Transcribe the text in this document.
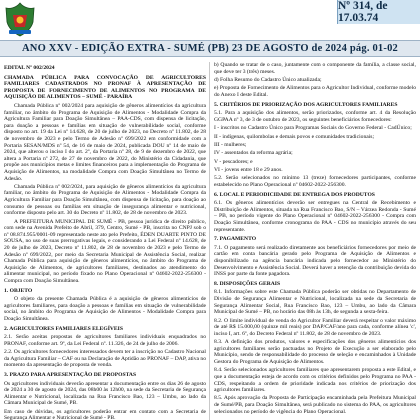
Nº 314, de 17.03.74
ANO XXV - EDIÇÃO EXTRA - SUMÉ (PB) 23 DE AGOSTO de 2024 pág. 01-02

EDITAL Nº 002/2024

CHAMADA PÚBLICA PARA CONVOCAÇÃO DE AGRICULTORES FAMILIARES CADASTRADOS NO PRONAF À APRESENTAÇÃO DE PROPOSTA DE FORNECIMENTO DE ALIMENTOS NO PROGRAMA DE AQUISIÇÃO DE ALIMENTOS – SUMÉ - PARAÍBA

Chamada Pública nº 002/2024 para aquisição de gêneros alimentícios da agricultura familiar, no âmbito do Programa de Aquisição de Alimentos - Modalidade Compra da Agricultura Familiar para Doação Simultânea – PAA-CDS, com dispensa de licitação, para doação a pessoas e famílias em situação de vulnerabilidade social, conforme disposto no art. 19 da Lei nº 14.628, de 20 de julho de 2023, no Decreto nº 11.802, de 28 de novembro de 2023 e pelo Termo de Adesão nº 699/2022 em conformidade com a Portaria SESAN/MDS nº 54, de 16 de maio de 2024, publicada DOU nº 14 de maio de 2024, que alterou o inciso I do art. 2º, da Portaria nº 28, de 9 de dezembro de 2022, que altera a Portaria nº 272, de 27 de novembro de 2022, do Ministério da Cidadania, que propõe aos municípios metas e limites financeiros para a implementação do Programa de Aquisição de Alimentos, na modalidade Compra com Doação Simultânea no Termo de Adesão.

Chamada Pública nº 002/2024, para aquisição de gêneros alimentícios da agricultura familiar, no âmbito do Programa de Aquisição de Alimentos - Modalidade Compra da Agricultura Familiar para Doação Simultânea, com dispensa de licitação, para doação ao consumo de pessoas ou famílias em situação de insegurança alimentar e nutricional, conforme disposto pelo art. 30 do Decreto nº 11.802, de 28 de novembro de 2023.

A PREFEITURA MUNICIPAL DE SUMÉ - PB, pessoa jurídica de direito público, com sede na Avenida Prefeito de Abril, 379, Centro, Sumé - PB, inscrita no CNPJ sob o nº 08.874.955/0001-09 representado neste ato pelo Prefeito, ÉDEN DUARTE PINTO DE SOUSA, no uso de suas prerrogativas legais, e considerando a Lei Federal nº 14.628, de 20 de julho de 2023, Decreto nº 11.802, de 28 de novembro de 2023 e pelo Termo de Adesão nº 699/2022, por meio da Secretaria Municipal de Assistência Social, realizar Chamada Pública para aquisição de gêneros alimentícios, no âmbito do Programa de Aquisição de Alimentos, de agricultores familiares, destinados ao atendimento do alimentar municipal, no período fixado no Plano Operacional nº 04602-2022-256300 - Compra com Doação Simultânea.

1. OBJETO

O objeto da presente Chamada Pública é a aquisição de gêneros alimentícios de agricultores familiares, para doação a pessoas e famílias em situação de vulnerabilidade social, no âmbito do Programa de Aquisição de Alimentos - Modalidade Compra para Doação Simultânea.

2. AGRICULTORES FAMILIARES ELEGÍVEIS

2.1. Serão aceitas propostas de agricultores familiares individuais enquadrados no PRONAF, conforme art. 9º, da Lei Federal nº. 11.326, de 24 de julho de 2006.

2.2. Os agricultores fornecedores interessados devem ter a inscrição no Cadastro Nacional da Agricultura Familiar – CAF ou na Declaração de Aptidão ao PRONAF – DAP, ativa no momento da apresentação de proposta de venda.

3. PRAZO PARA APRESENTAÇÃO DE PROPOSTAS

Os agricultores individuais deverão apresentar a documentação entre os dias 26 de agosto de 2024 a 30 de agosto de 2024, das 08h00 às 12h00, na sede da Secretaria de Segurança Alimentar e Nutricional, localizada na Rua Francisco Bao, 123 – Umbu, ao lado da Câmara Municipal de Sumé, PB.

Em caso de dúvidas, os agricultores poderão entrar em contato com a Secretaria de Segurança Alimentar e Nutricional de Sumé - PB.

b) Quando se tratar de o caso, juntamente com o componente da família, a classe social, que deve ter 3 (três) meses.

d) Folha Resumo do Cadastro Único atualizada;

e) Proposta de Fornecimento de Alimentos para o Agricultor Individual, conforme modelo do Anexo I deste Edital.

5. CRITÉRIOS DE PRIORIZAÇÃO DOS AGRICULTORES FAMILIARES

5.1. Para a aquisição dos alimentos, serão priorizados, conforme art. 4 da Resolução GGPAA nº 3, de 3 de outubro de 2023, os seguintes beneficiários fornecedores:

I - inscritos no Cadastro Único para Programas Sociais do Governo Federal - CadÚnico;

II - indígenas, quilombolas e demais povos e comunidades tradicionais;

III - mulheres;

IV - assentados da reforma agrária;

V - pescadores; e

VI - jovens entre 18 e 29 anos.

5.2. Serão selecionados no mínimo 13 (treze) fornecedores participantes, conforme estabelecido no Plano Operacional nº 04602-2022-256300.

6. LOCAL E PERIODICIDADE DE ENTREGA DOS PRODUTOS

6.1. Os gêneros alimentícios deverão ser entregues na Central de Recebimento e Distribuição de Alimentos, situada na Rua Francisco Bao, S/N – Várzea Redonda - Sumé – PB, no período vigente do Plano Operacional nº 04602-2022-256300 - Compra com Doação Simultânea, conforme cronograma do PAA - CDS no município através do seu representante.

7. PAGAMENTO

7.1. O pagamento será realizado diretamente aos beneficiários fornecedores por meio de cartão em conta bancária gerado pelo Programa de Aquisição de Alimentos e disponibilizado na agência bancária indicada pelo fornecedor ao Ministério do Desenvolvimento e Assistência Social. Deverá haver a retenção da contribuição devida do INSS por parte da fonte pagadora.

8. DISPOSIÇÕES GERAIS

8.1. Informações sobre este Chamada Pública poderão ser obtidas no Departamento de Divisão de Segurança Alimentar e Nutricional, localizada na sede da Secretaria de Segurança Alimentar Social, Rua Francisco Bao, 123 – Umbu, ao lado da Câmara Municipal de Sumé – PB, no horário das 08h às 13h, de segunda a sexta-feira.

8.2. O limite individual de venda do Agricultor Familiar deverá respeitar o valor máximo de até R$ 15.000,00 (quinze mil reais) por DAP/CAF/ano para cada, conforme alínea 'c', inciso I, art. 6º, do Decreto Federal nº 11.802, de 28 de novembro de 2023.

8.3. A definição dos produtos, valores e especificações dos gêneros alimentícios dos agricultores familiares serão pactuadas no Projeto de Execução a ser elaborado pelo Município, sendo de responsabilidade do processo de seleção e encaminhados à Unidade Gestora do Programa de Aquisição de Alimentos.

8.4. Serão selecionados agricultores familiares que apresentarem proposta a este Edital, e que a documentação esteja de acordo com os critérios definidos pelo Programa no PAA - CDS, respeitando a ordem de prioridade indicada nos critérios de priorização dos agricultores familiares.

8.5. Após aprovação da Proposta de Participação encaminhada pela Prefeitura Municipal de Sumé/PB, para Doação Simultânea, será publicado no sistema do PAA, os agricultores selecionados no período de vigência do Plano Operacional.
